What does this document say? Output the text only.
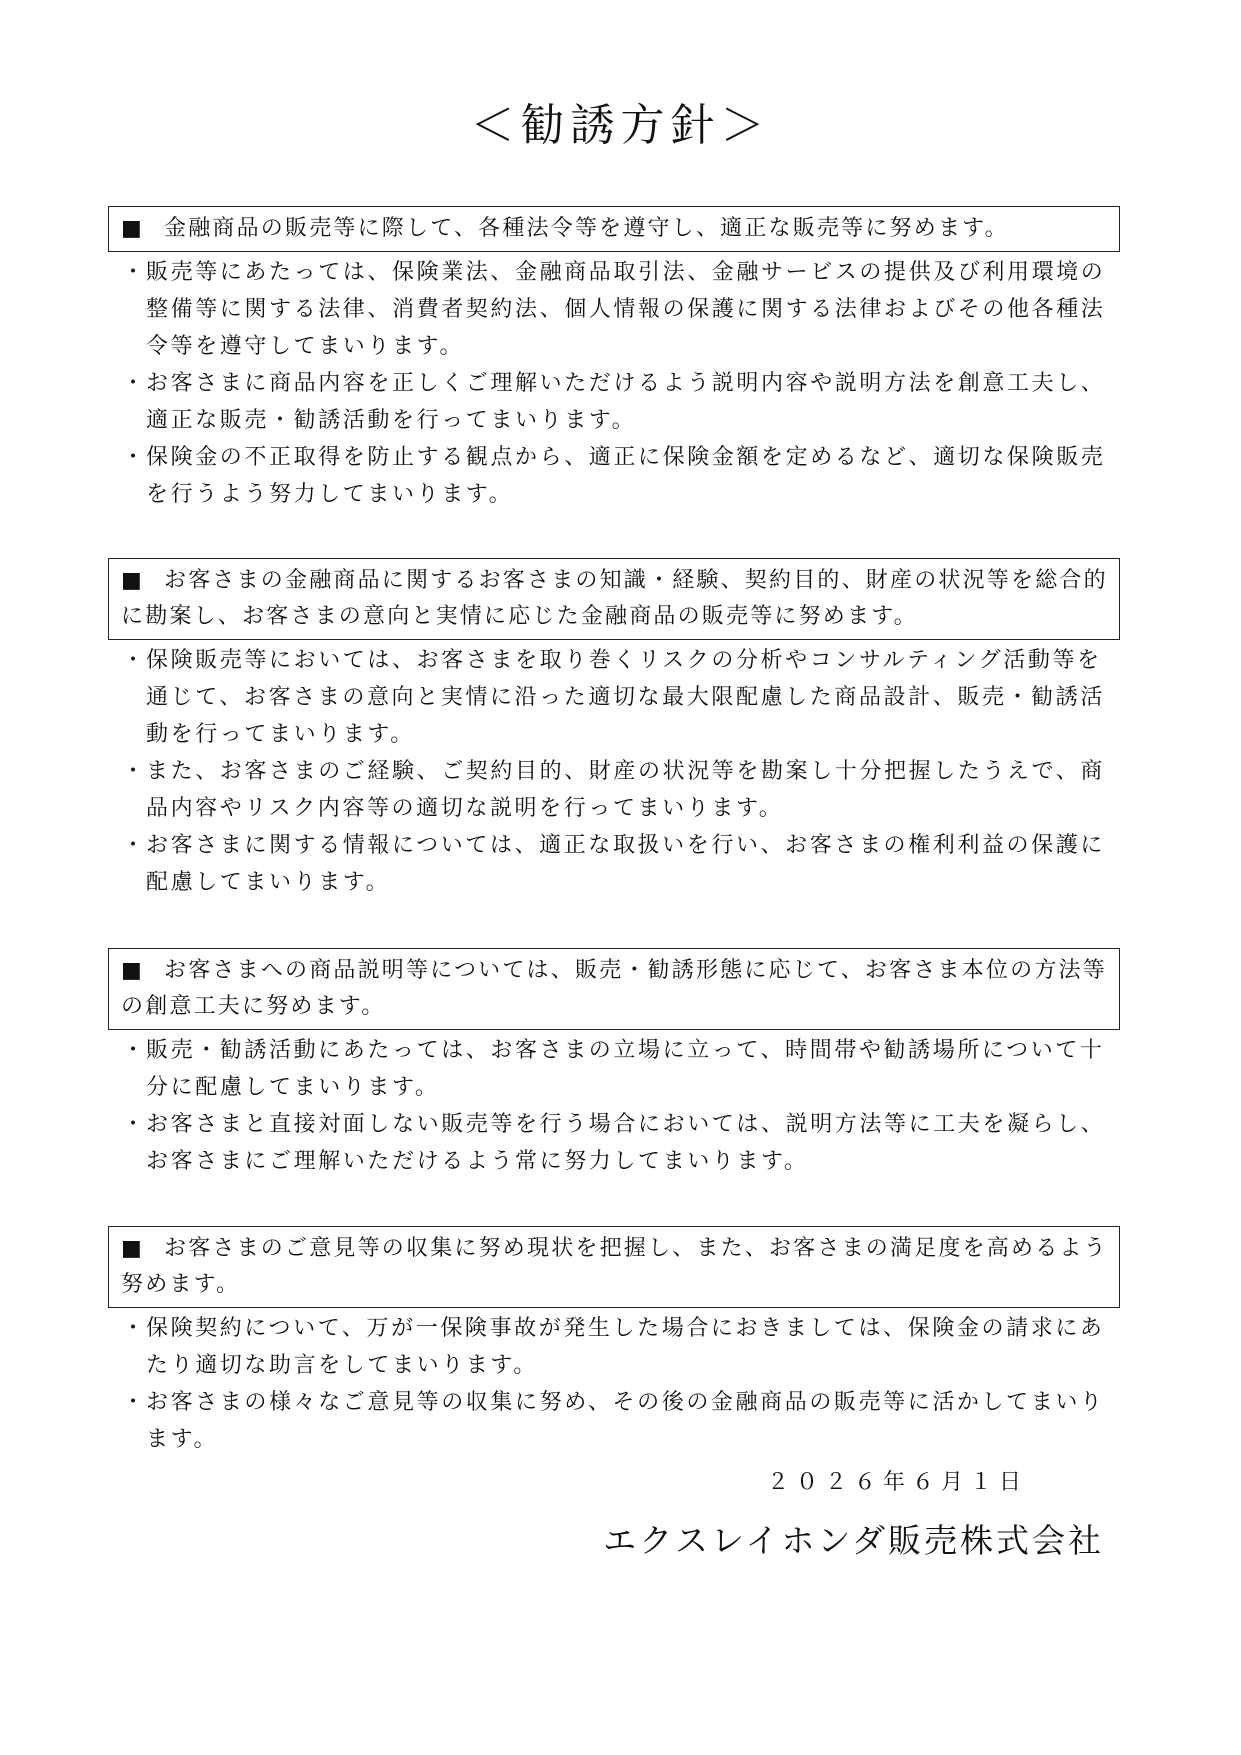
＜勧誘方針＞
■ 金融商品の販売等に際して、各種法令等を遵守し、適正な販売等に努めます。
・ 販売等にあたっては、保険業法、金融商品取引法、金融サービスの提供及び利用環境の整備等に関する法律、消費者契約法、個人情報の保護に関する法律およびその他各種法令等を遵守してまいります。
・ お客さまに商品内容を正しくご理解いただけるよう説明内容や説明方法を創意工夫し、適正な販売・勧誘活動を行ってまいります。
・ 保険金の不正取得を防止する観点から、適正に保険金額を定めるなど、適切な保険販売を行うよう努力してまいります。
■ お客さまの金融商品に関するお客さまの知識・経験、契約目的、財産の状況等を総合的に勘案し、お客さまの意向と実情に応じた金融商品の販売等に努めます。
・ 保険販売等においては、お客さまを取り巻くリスクの分析やコンサルティング活動等を通じて、お客さまの意向と実情に沿った適切な最大限配慮した商品設計、販売・勧誘活動を行ってまいります。
・ また、お客さまのご経験、ご契約目的、財産の状況等を勘案し十分把握したうえで、商品内容やリスク内容等の適切な説明を行ってまいります。
・ お客さまに関する情報については、適正な取扱いを行い、お客さまの権利利益の保護に配慮してまいります。
■ お客さまへの商品説明等については、販売・勧誘形態に応じて、お客さま本位の方法等の創意工夫に努めます。
・ 販売・勧誘活動にあたっては、お客さまの立場に立って、時間帯や勧誘場所について十分に配慮してまいります。
・ お客さまと直接対面しない販売等を行う場合においては、説明方法等に工夫を凝らし、お客さまにご理解いただけるよう常に努力してまいります。
■ お客さまのご意見等の収集に努め現状を把握し、また、お客さまの満足度を高めるよう努めます。
・ 保険契約について、万が一保険事故が発生した場合におきましては、保険金の請求にあたり適切な助言をしてまいります。
・ お客さまの様々なご意見等の収集に努め、その後の金融商品の販売等に活かしてまいります。
２０２６年６月１日
エクスレイホンダ販売株式会社
